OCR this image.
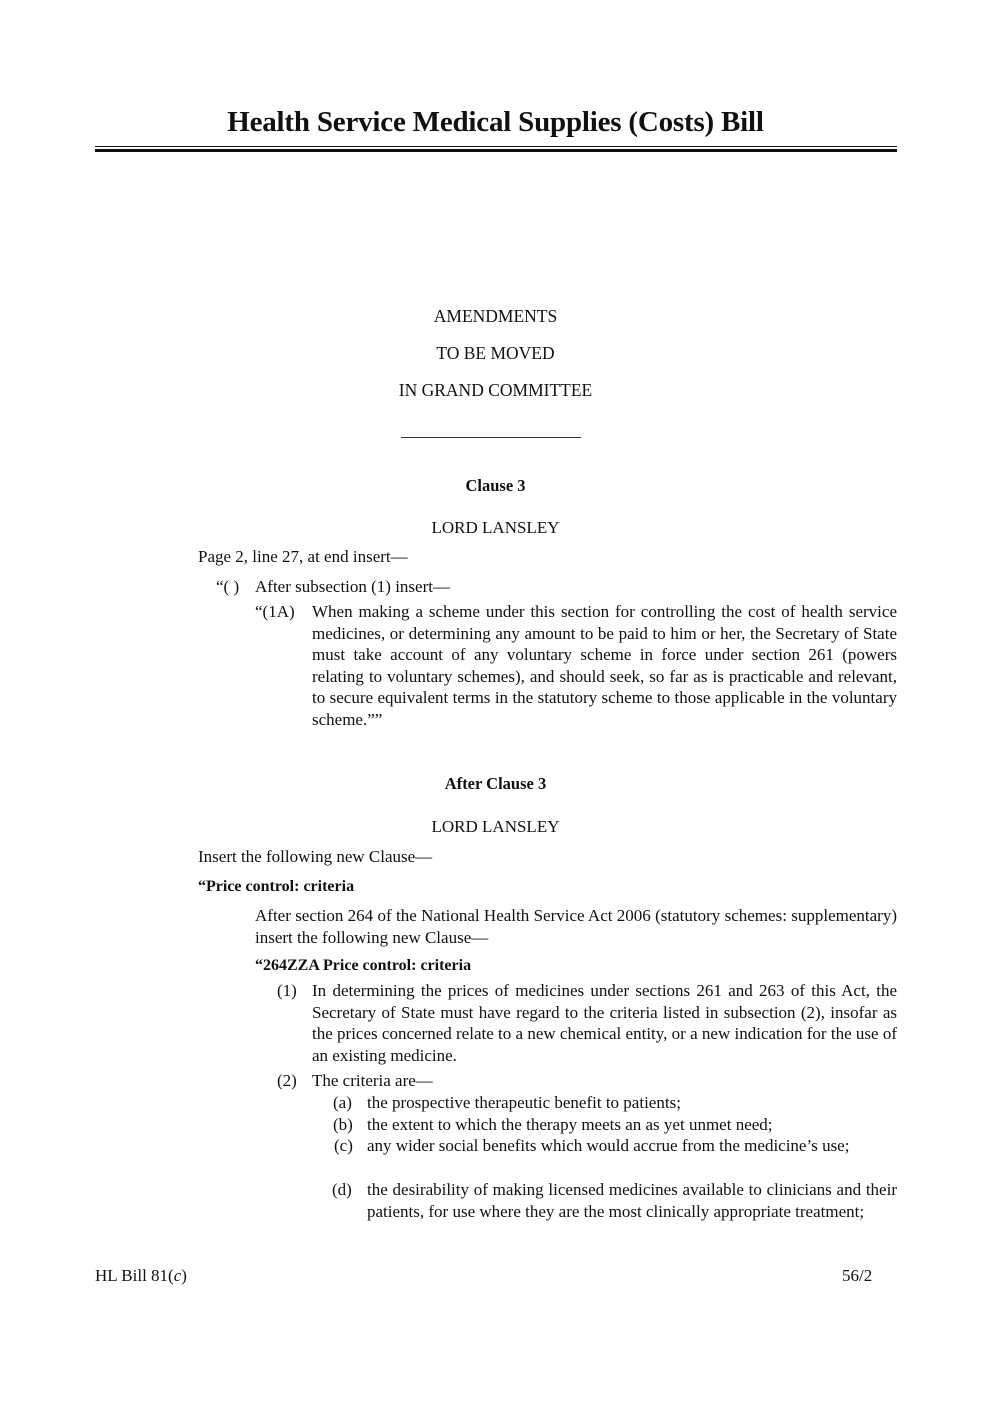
Health Service Medical Supplies (Costs) Bill
AMENDMENTS
TO BE MOVED
IN GRAND COMMITTEE
Clause 3
LORD LANSLEY
Page 2, line 27, at end insert—
“( ) After subsection (1) insert—
“(1A) When making a scheme under this section for controlling the cost of health service medicines, or determining any amount to be paid to him or her, the Secretary of State must take account of any voluntary scheme in force under section 261 (powers relating to voluntary schemes), and should seek, so far as is practicable and relevant, to secure equivalent terms in the statutory scheme to those applicable in the voluntary scheme.””
After Clause 3
LORD LANSLEY
Insert the following new Clause—
“Price control: criteria
After section 264 of the National Health Service Act 2006 (statutory schemes: supplementary) insert the following new Clause—
“264ZZA Price control: criteria
(1) In determining the prices of medicines under sections 261 and 263 of this Act, the Secretary of State must have regard to the criteria listed in subsection (2), insofar as the prices concerned relate to a new chemical entity, or a new indication for the use of an existing medicine.
(2) The criteria are—
(a) the prospective therapeutic benefit to patients;
(b) the extent to which the therapy meets an as yet unmet need;
(c) any wider social benefits which would accrue from the medicine’s use;
(d) the desirability of making licensed medicines available to clinicians and their patients, for use where they are the most clinically appropriate treatment;
HL Bill 81(c)	56/2
